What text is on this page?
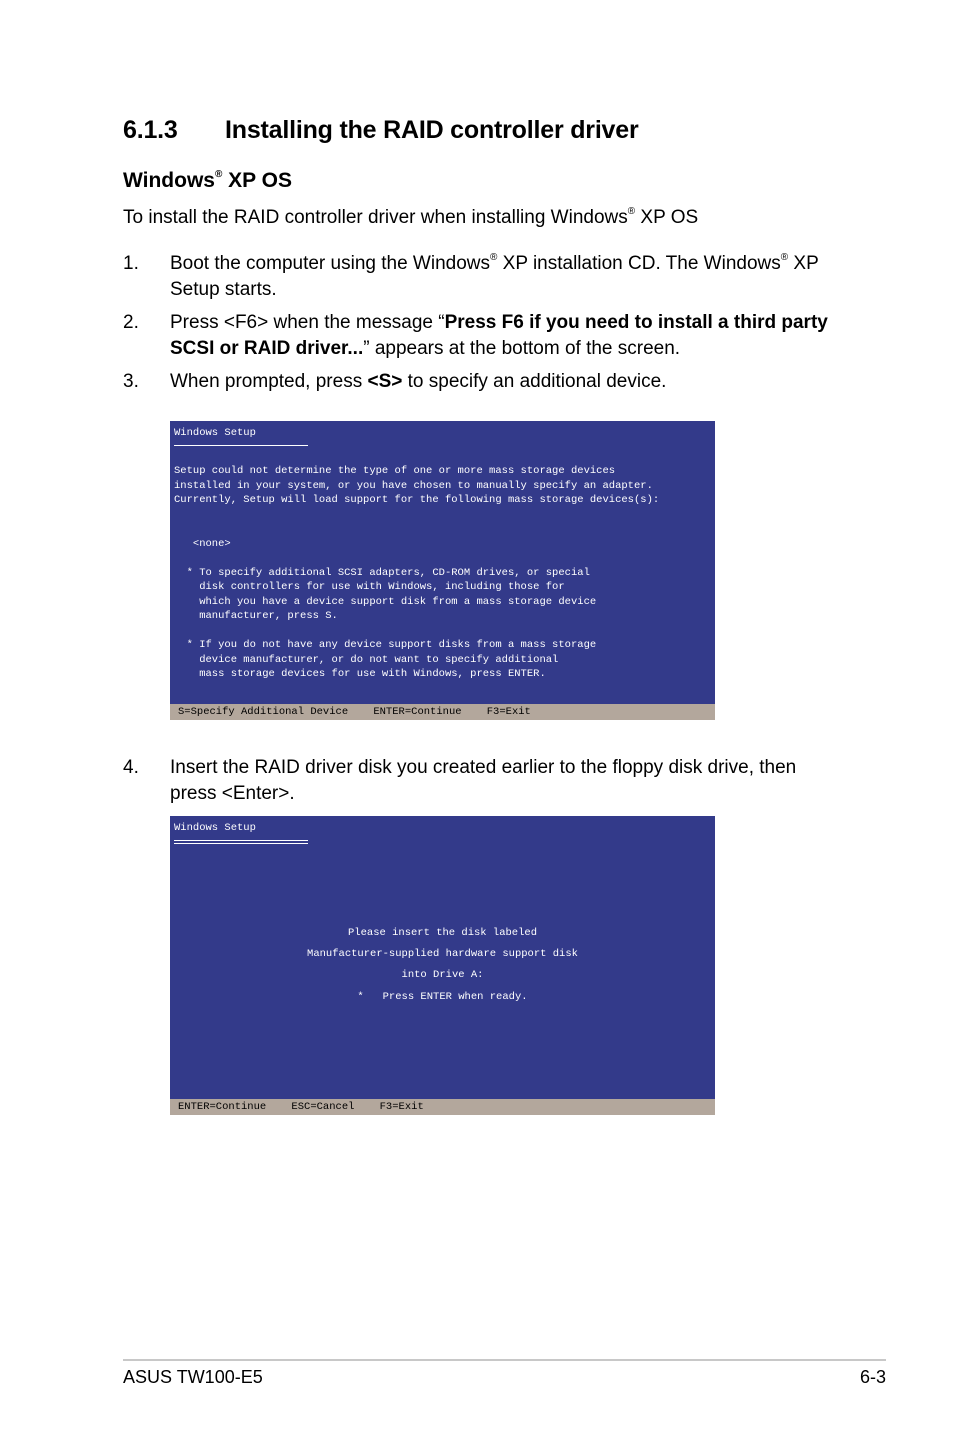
6.1.3 Installing the RAID controller driver
Windows® XP OS
To install the RAID controller driver when installing Windows® XP OS
1. Boot the computer using the Windows® XP installation CD. The Windows® XP Setup starts.
2. Press <F6> when the message “Press F6 if you need to install a third party SCSI or RAID driver...” appears at the bottom of the screen.
3. When prompted, press <S> to specify an additional device.
Windows Setup
Setup could not determine the type of one or more mass storage devices
installed in your system, or you have chosen to manually specify an adapter.
Currently, Setup will load support for the following mass storage devices(s):

<none>

* To specify additional SCSI adapters, CD-ROM drives, or special
disk controllers for use with Windows, including those for
which you have a device support disk from a mass storage device
manufacturer, press S.

* If you do not have any device support disks from a mass storage
device manufacturer, or do not want to specify additional
mass storage devices for use with Windows, press ENTER.
S=Specify Additional Device    ENTER=Continue    F3=Exit
4. Insert the RAID driver disk you created earlier to the floppy disk drive, then press <Enter>.
Windows Setup
Please insert the disk labeled
Manufacturer-supplied hardware support disk
into Drive A:
*   Press ENTER when ready.
ENTER=Continue    ESC=Cancel    F3=Exit
ASUS TW100-E5	6-3
